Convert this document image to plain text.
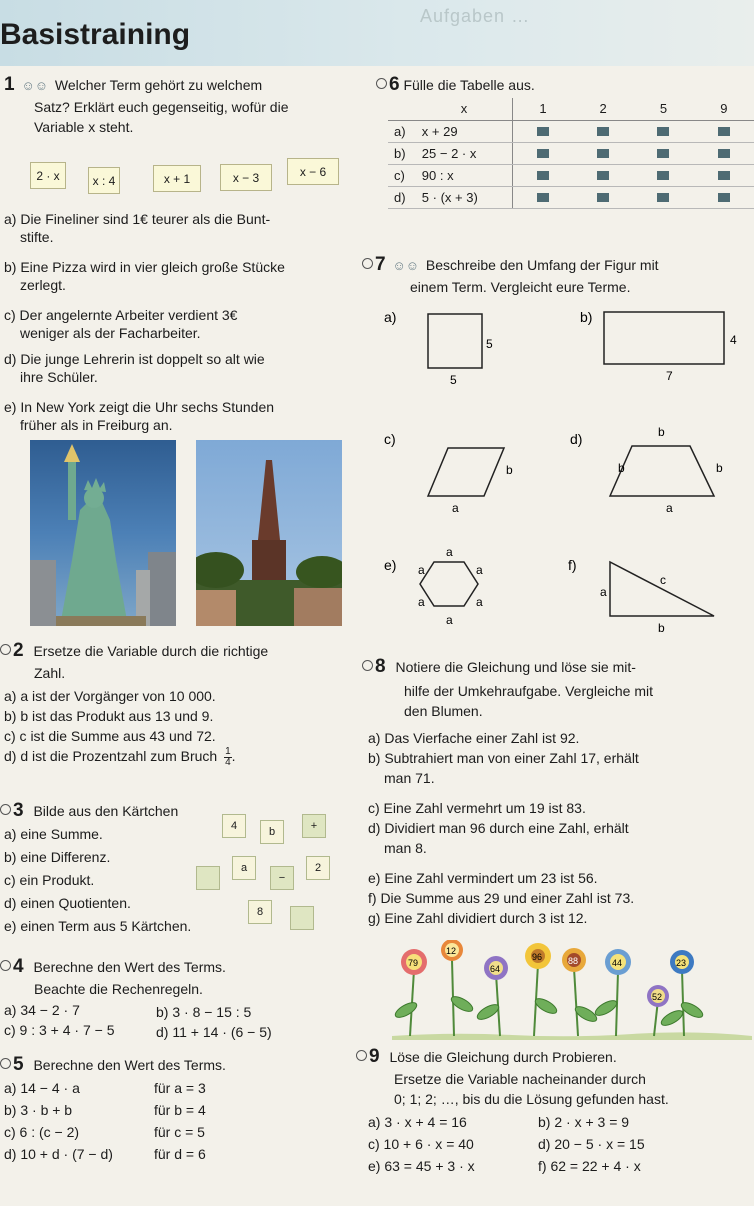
Basistraining
Aufgaben …
1 ☺☺ Welcher Term gehört zu welchem
Satz? Erklärt euch gegenseitig, wofür die
Variable x steht.
2 · x	x : 4	x + 1	x − 3	x − 6
a) Die Fineliner sind 1€ teurer als die Bunt-
stifte.
b) Eine Pizza wird in vier gleich große Stücke
zerlegt.
c) Der angelernte Arbeiter verdient 3€
weniger als der Facharbeiter.
d) Die junge Lehrerin ist doppelt so alt wie
ihre Schüler.
e) In New York zeigt die Uhr sechs Stunden
früher als in Freiburg an.
6 Fülle die Tabelle aus.
	x	1	2	5	9
a)	x + 29				
b)	25 − 2 · x				
c)	90 : x				
d)	5 · (x + 3)				
7 ☺☺ Beschreibe den Umfang der Figur mit
einem Term. Vergleicht eure Terme.
a)
5
5
b)
4
7
c)
b
a
d)	b
b	b
a
e)
a
a	a
a	a
a
f)
a
b
c
2 Ersetze die Variable durch die richtige
Zahl.
a) a ist der Vorgänger von 10 000.
b) b ist das Produkt aus 13 und 9.
c) c ist die Summe aus 43 und 72.
d) d ist die Prozentzahl zum Bruch $\frac{1}{4}$ .
3 Bilde aus den Kärtchen
a) eine Summe.
b) eine Differenz.
c) ein Produkt.
d) einen Quotienten.
e) einen Term aus 5 Kärtchen.
4	b	+
a
−
2
8
4 Berechne den Wert des Terms.
Beachte die Rechenregeln.
a) 34 − 2 · 7	b) 3 · 8 − 15 : 5
c) 9 : 3 + 4 · 7 − 5	d) 11 + 14 · (6 − 5)
5 Berechne den Wert des Terms.
a) 14 − 4 · a	für a = 3
b) 3 · b + b	für b = 4
c) 6 : (c − 2)	für c = 5
d) 10 + d · (7 − d)	für d = 6
8 Notiere die Gleichung und löse sie mit-
hilfe der Umkehraufgabe. Vergleiche mit
den Blumen.
a) Das Vierfache einer Zahl ist 92.
b) Subtrahiert man von einer Zahl 17, erhält
man 71.
c) Eine Zahl vermehrt um 19 ist 83.
d) Dividiert man 96 durch eine Zahl, erhält
man 8.
e) Eine Zahl vermindert um 23 ist 56.
f) Die Summe aus 29 und einer Zahl ist 73.
g) Eine Zahl dividiert durch 3 ist 12.
79
12
64
96	88	44	23
52
9 Löse die Gleichung durch Probieren.
Ersetze die Variable nacheinander durch
0; 1; 2; …, bis du die Lösung gefunden hast.
a) 3 · x + 4 = 16	b) 2 · x + 3 = 9
c) 10 + 6 · x = 40	d) 20 − 5 · x = 15
e) 63 = 45 + 3 · x	f) 62 = 22 + 4 · x
